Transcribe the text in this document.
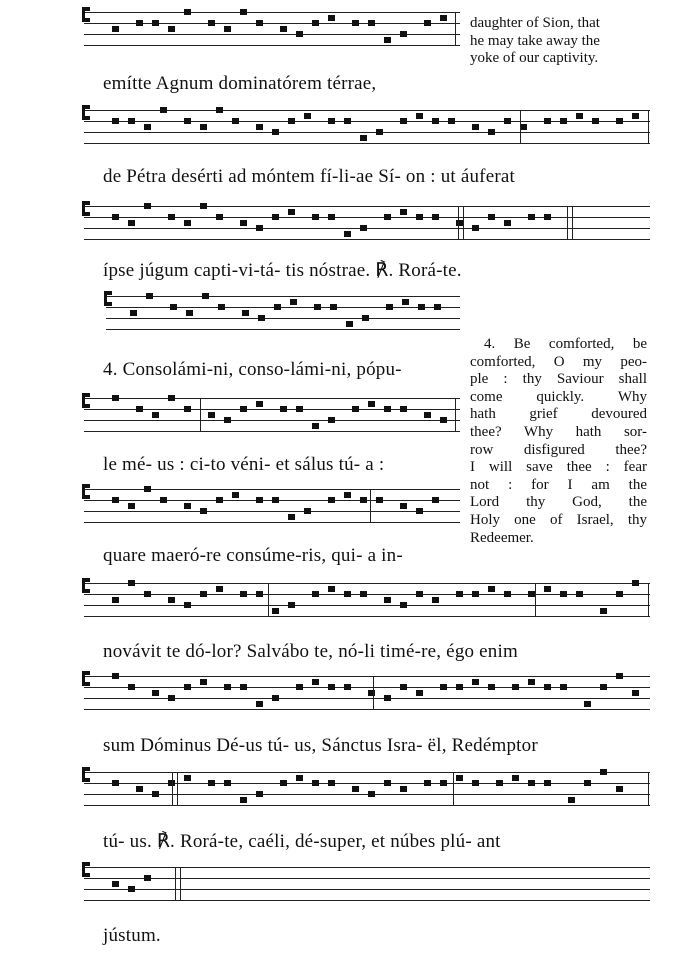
emítte Agnum dominatórem térrae,
de Pétra desérti ad móntem fí-li-ae Sí- on : ut áuferat
ípse júgum capti-vi-tá- tis nóstrae. ℟. Rorá-te.
4. Consolámi-ni, conso-lámi-ni, pópu-
le mé- us : ci-to véni- et sálus tú- a :
quare maeró-re consúme-ris, qui- a in-
novávit te dó-lor? Salvábo te, nó-li timé-re, égo enim
sum Dóminus Dé-us tú- us, Sánctus Isra- ël, Redémptor
tú- us. ℟. Rorá-te, caéli, dé-super, et núbes plú- ant
jústum.
daughter of Sion, that
he may take away the
yoke of our captivity.
4. Be comforted, be
comforted, O my peo-
ple : thy Saviour shall
come quickly. Why
hath grief devoured
thee? Why hath sor-
row disfigured thee?
I will save thee : fear
not : for I am the
Lord thy God, the
Holy one of Israel, thy
Redeemer.
